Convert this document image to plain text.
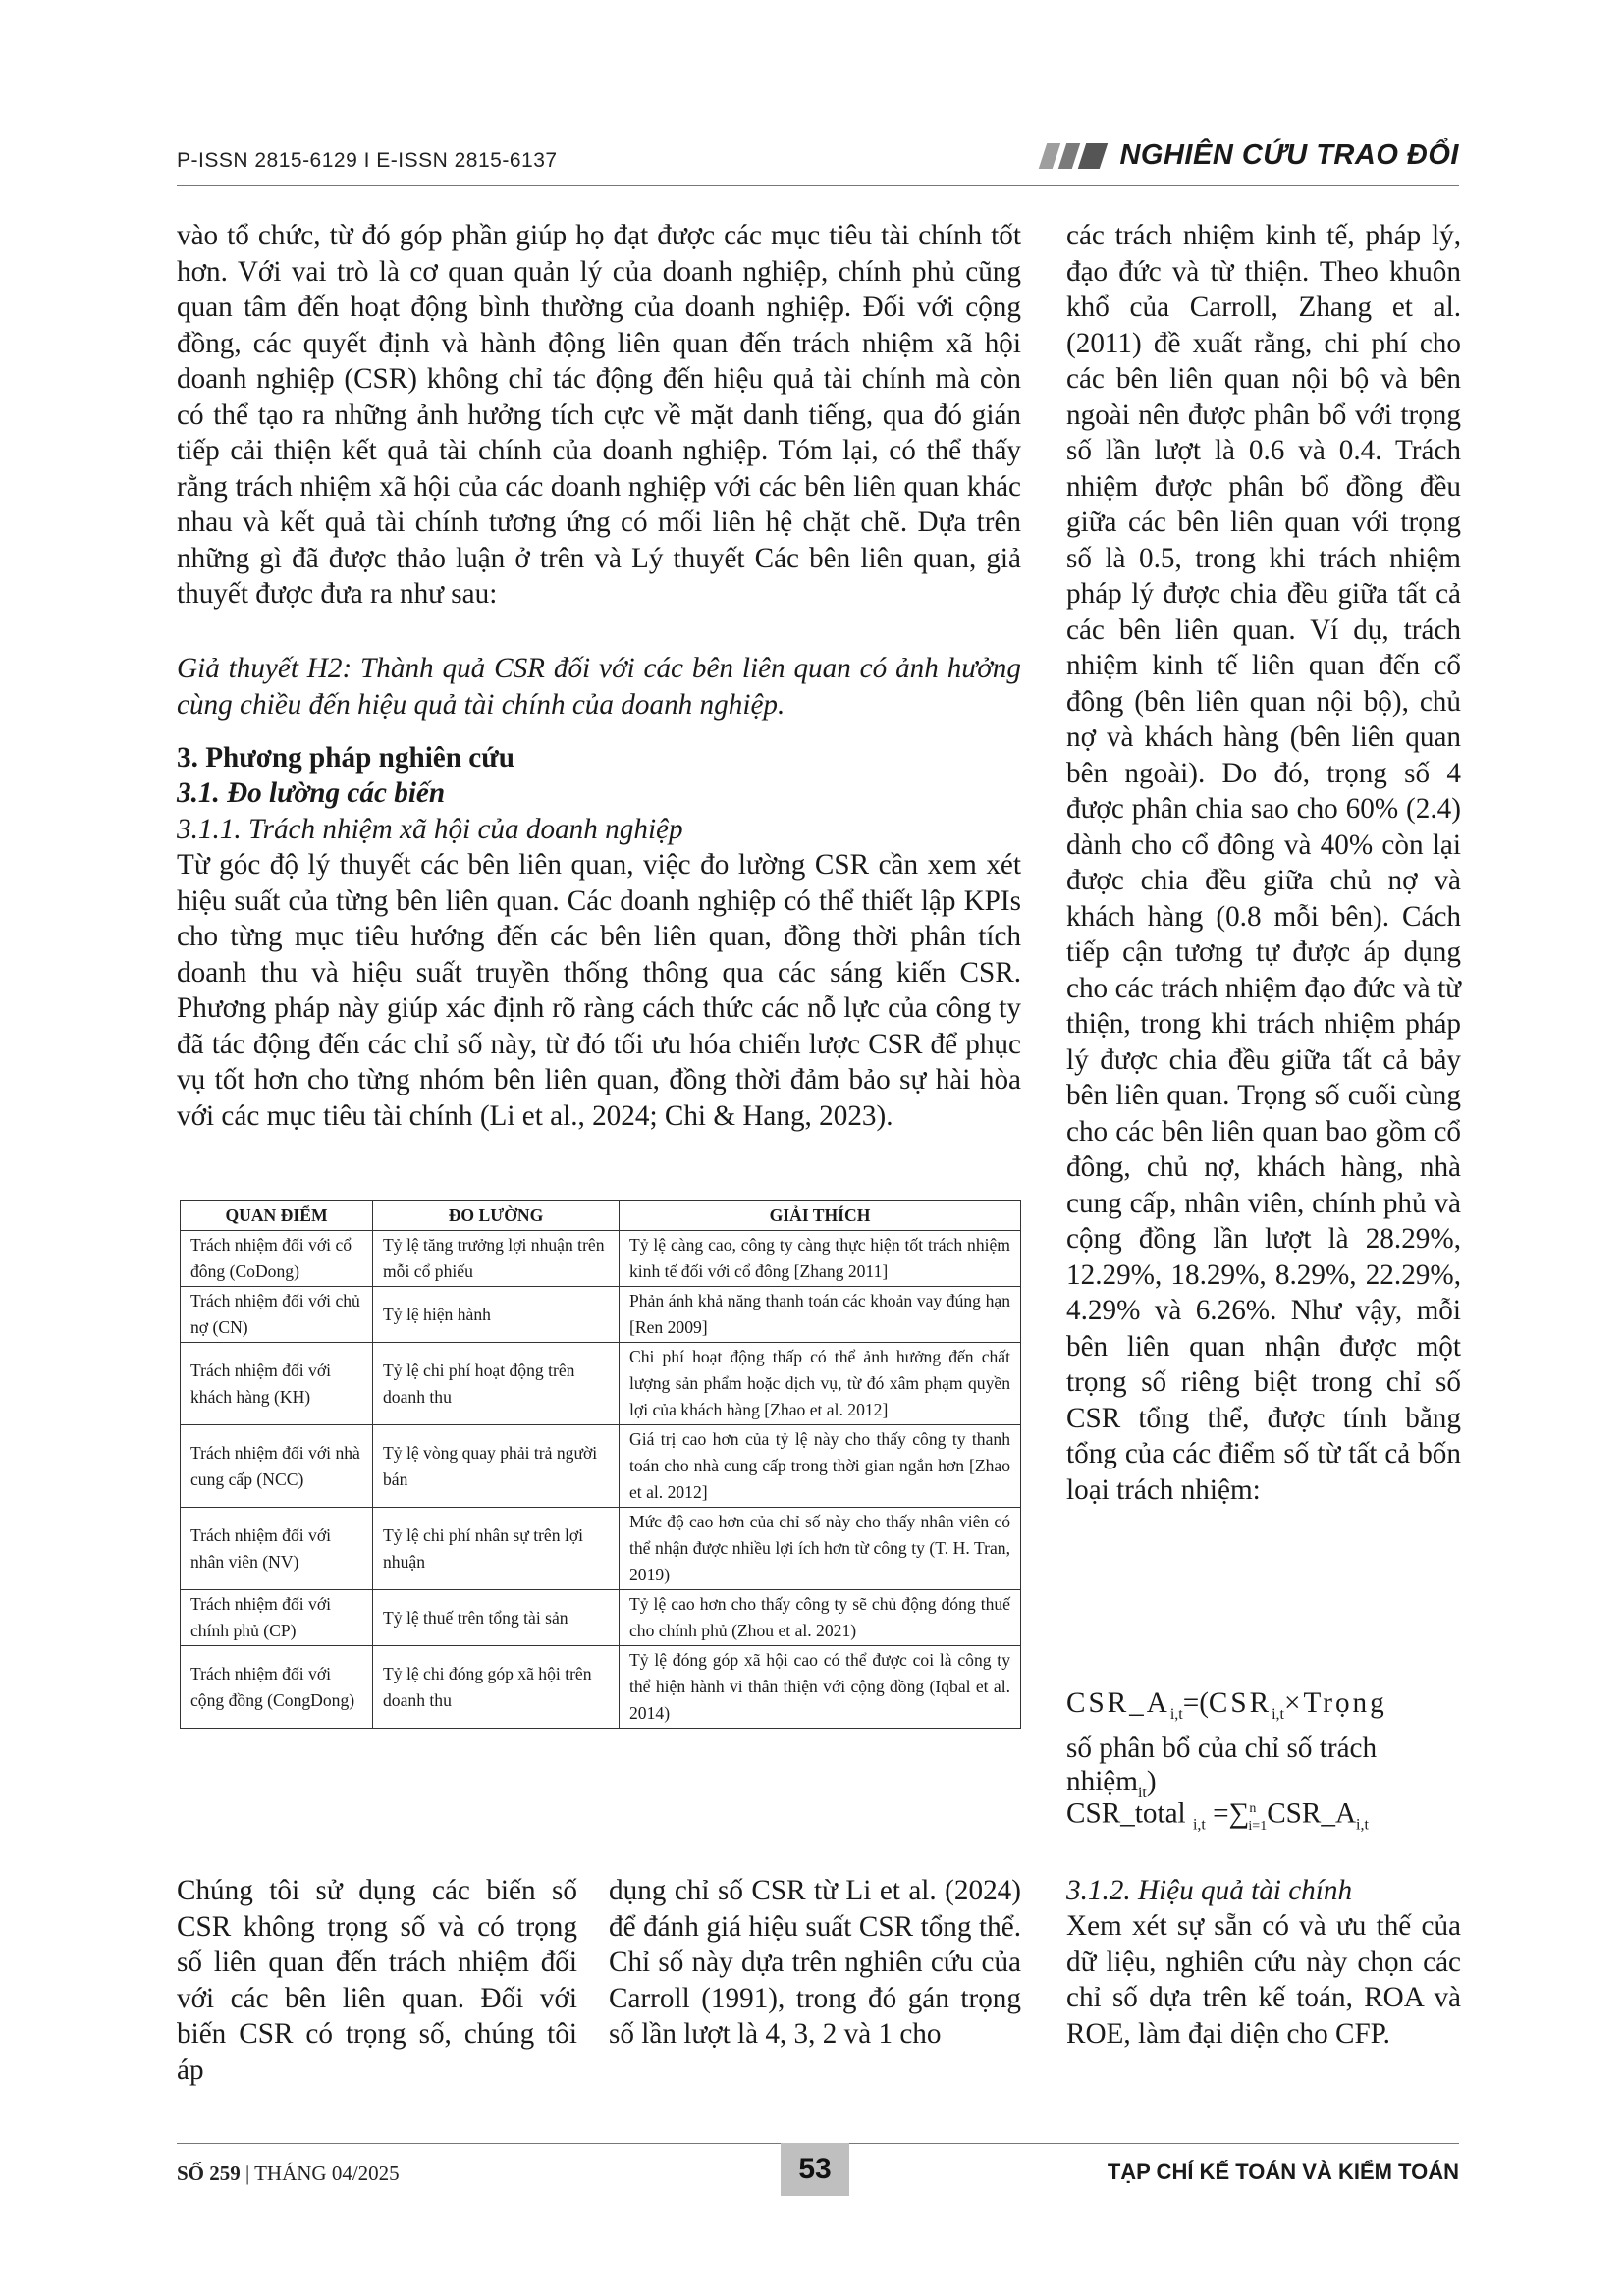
P-ISSN 2815-6129 I E-ISSN 2815-6137	NGHIÊN CỨU TRAO ĐỔI

vào tổ chức, từ đó góp phần giúp họ đạt được các mục tiêu tài chính tốt hơn. Với vai trò là cơ quan quản lý của doanh nghiệp, chính phủ cũng quan tâm đến hoạt động bình thường của doanh nghiệp. Đối với cộng đồng, các quyết định và hành động liên quan đến trách nhiệm xã hội doanh nghiệp (CSR) không chỉ tác động đến hiệu quả tài chính mà còn có thể tạo ra những ảnh hưởng tích cực về mặt danh tiếng, qua đó gián tiếp cải thiện kết quả tài chính của doanh nghiệp. Tóm lại, có thể thấy rằng trách nhiệm xã hội của các doanh nghiệp với các bên liên quan khác nhau và kết quả tài chính tương ứng có mối liên hệ chặt chẽ. Dựa trên những gì đã được thảo luận ở trên và Lý thuyết Các bên liên quan, giả thuyết được đưa ra như sau:

Giả thuyết H2: Thành quả CSR đối với các bên liên quan có ảnh hưởng cùng chiều đến hiệu quả tài chính của doanh nghiệp.

3. Phương pháp nghiên cứu

3.1. Đo lường các biến

3.1.1. Trách nhiệm xã hội của doanh nghiệp

Từ góc độ lý thuyết các bên liên quan, việc đo lường CSR cần xem xét hiệu suất của từng bên liên quan. Các doanh nghiệp có thể thiết lập KPIs cho từng mục tiêu hướng đến các bên liên quan, đồng thời phân tích doanh thu và hiệu suất truyền thống thông qua các sáng kiến CSR. Phương pháp này giúp xác định rõ ràng cách thức các nỗ lực của công ty đã tác động đến các chỉ số này, từ đó tối ưu hóa chiến lược CSR để phục vụ tốt hơn cho từng nhóm bên liên quan, đồng thời đảm bảo sự hài hòa với các mục tiêu tài chính (Li et al., 2024; Chi & Hang, 2023).

QUAN ĐIỂM	ĐO LƯỜNG	GIẢI THÍCH
Trách nhiệm đối với cổ đông (CoDong)	Tỷ lệ tăng trưởng lợi nhuận trên mỗi cổ phiếu	Tỷ lệ càng cao, công ty càng thực hiện tốt trách nhiệm kinh tế đối với cổ đông [Zhang 2011]
Trách nhiệm đối với chủ nợ (CN)	Tỷ lệ hiện hành	Phản ánh khả năng thanh toán các khoản vay đúng hạn [Ren 2009]
Trách nhiệm đối với khách hàng (KH)	Tỷ lệ chi phí hoạt động trên doanh thu	Chi phí hoạt động thấp có thể ảnh hưởng đến chất lượng sản phẩm hoặc dịch vụ, từ đó xâm phạm quyền lợi của khách hàng [Zhao et al. 2012]
Trách nhiệm đối với nhà cung cấp (NCC)	Tỷ lệ vòng quay phải trả người bán	Giá trị cao hơn của tỷ lệ này cho thấy công ty thanh toán cho nhà cung cấp trong thời gian ngắn hơn [Zhao et al. 2012]
Trách nhiệm đối với nhân viên (NV)	Tỷ lệ chi phí nhân sự trên lợi nhuận	Mức độ cao hơn của chỉ số này cho thấy nhân viên có thể nhận được nhiều lợi ích hơn từ công ty (T. H. Tran, 2019)
Trách nhiệm đối với chính phủ (CP)	Tỷ lệ thuế trên tổng tài sản	Tỷ lệ cao hơn cho thấy công ty sẽ chủ động đóng thuế cho chính phủ (Zhou et al. 2021)
Trách nhiệm đối với cộng đồng (CongDong)	Tỷ lệ chi đóng góp xã hội trên doanh thu	Tỷ lệ đóng góp xã hội cao có thể được coi là công ty thể hiện hành vi thân thiện với cộng đồng (Iqbal et al. 2014)

Chúng tôi sử dụng các biến số CSR không trọng số và có trọng số liên quan đến trách nhiệm đối với các bên liên quan. Đối với biến CSR có trọng số, chúng tôi áp

dụng chỉ số CSR từ Li et al. (2024) để đánh giá hiệu suất CSR tổng thể. Chỉ số này dựa trên nghiên cứu của Carroll (1991), trong đó gán trọng số lần lượt là 4, 3, 2 và 1 cho

các trách nhiệm kinh tế, pháp lý, đạo đức và từ thiện. Theo khuôn khổ của Carroll, Zhang et al. (2011) đề xuất rằng, chi phí cho các bên liên quan nội bộ và bên ngoài nên được phân bổ với trọng số lần lượt là 0.6 và 0.4. Trách nhiệm được phân bổ đồng đều giữa các bên liên quan với trọng số là 0.5, trong khi trách nhiệm pháp lý được chia đều giữa tất cả các bên liên quan. Ví dụ, trách nhiệm kinh tế liên quan đến cổ đông (bên liên quan nội bộ), chủ nợ và khách hàng (bên liên quan bên ngoài). Do đó, trọng số 4 được phân chia sao cho 60% (2.4) dành cho cổ đông và 40% còn lại được chia đều giữa chủ nợ và khách hàng (0.8 mỗi bên). Cách tiếp cận tương tự được áp dụng cho các trách nhiệm đạo đức và từ thiện, trong khi trách nhiệm pháp lý được chia đều giữa tất cả bảy bên liên quan. Trọng số cuối cùng cho các bên liên quan bao gồm cổ đông, chủ nợ, khách hàng, nhà cung cấp, nhân viên, chính phủ và cộng đồng lần lượt là 28.29%, 12.29%, 18.29%, 8.29%, 22.29%, 4.29% và 6.26%. Như vậy, mỗi bên liên quan nhận được một trọng số riêng biệt trong chỉ số CSR tổng thể, được tính bằng tổng của các điểm số từ tất cả bốn loại trách nhiệm:

$CSR\_A_{i,t}=(CSR_{i,t}\times Trọng$
số phân bổ của chỉ số trách nhiệm$_{it}$)

CSR_total $_{i,t} =\sum^n_{i=1}CSR\_A_{i,t}$

3.1.2. Hiệu quả tài chính

Xem xét sự sẵn có và ưu thế của dữ liệu, nghiên cứu này chọn các chỉ số dựa trên kế toán, ROA và ROE, làm đại diện cho CFP.

SỐ 259 | THÁNG 04/2025	53	TẠP CHÍ KẾ TOÁN VÀ KIỂM TOÁN
